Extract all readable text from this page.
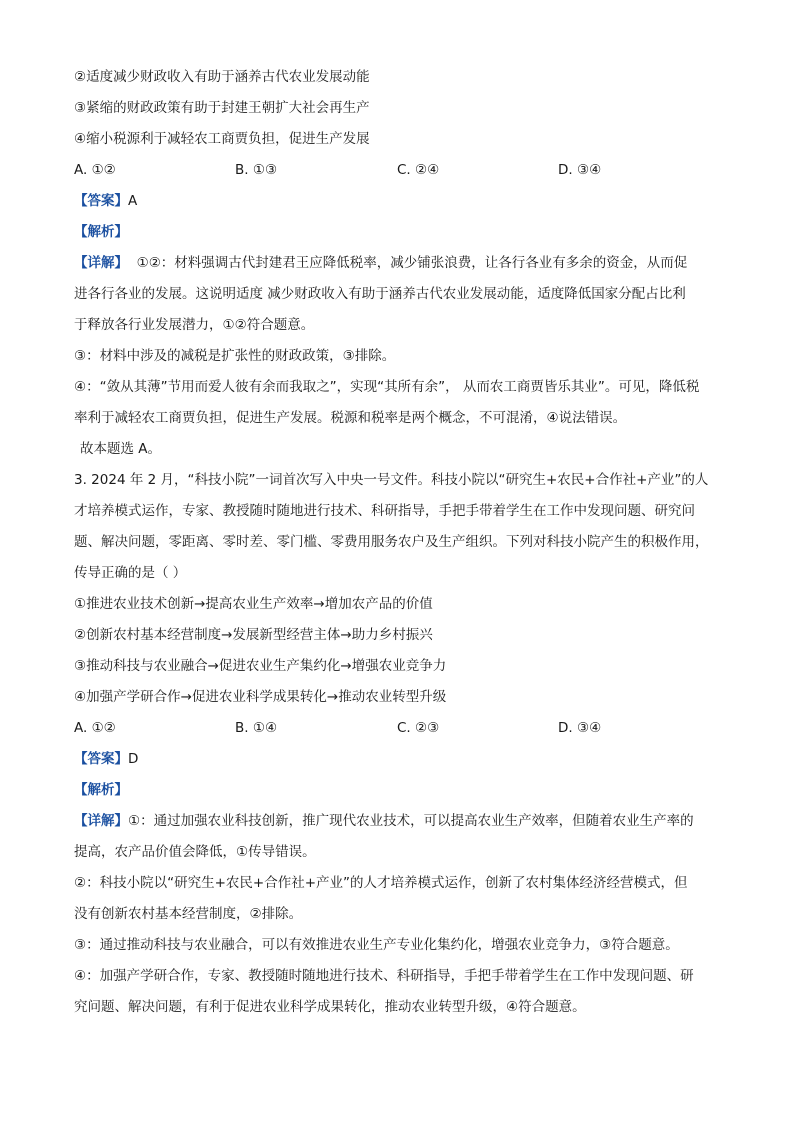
②适度减少财政收入有助于涵养古代农业发展动能
③紧缩的财政政策有助于封建王朝扩大社会再生产
④缩小税源利于减轻农工商贾负担，促进生产发展
A. ①②	B. ①③	C. ②④	D. ③④
【答案】A
【解析】
【详解】 ①②：材料强调古代封建君王应降低税率，减少铺张浪费，让各行各业有多余的资金，从而促
进各行各业的发展。这说明适度 减少财政收入有助于涵养古代农业发展动能，适度降低国家分配占比利
于释放各行业发展潜力，①②符合题意。
③：材料中涉及的减税是扩张性的财政政策，③排除。
④：“敛从其薄”节用而爱人彼有余而我取之”，实现“其所有余”， 从而农工商贾皆乐其业”。可见，降低税
率利于减轻农工商贾负担，促进生产发展。税源和税率是两个概念，不可混淆，④说法错误。
故本题选 A。
3. 2024 年 2 月，“科技小院”一词首次写入中央一号文件。科技小院以“研究生+农民+合作社+产业”的人
才培养模式运作，专家、教授随时随地进行技术、科研指导，手把手带着学生在工作中发现问题、研究问
题、解决问题，零距离、零时差、零门槛、零费用服务农户及生产组织。下列对科技小院产生的积极作用，
传导正确的是（ ）
①推进农业技术创新→提高农业生产效率→增加农产品的价值
②创新农村基本经营制度→发展新型经营主体→助力乡村振兴
③推动科技与农业融合→促进农业生产集约化→增强农业竞争力
④加强产学研合作→促进农业科学成果转化→推动农业转型升级
A. ①②	B. ①④	C. ②③	D. ③④
【答案】D
【解析】
【详解】①：通过加强农业科技创新，推广现代农业技术，可以提高农业生产效率，但随着农业生产率的
提高，农产品价值会降低，①传导错误。
②：科技小院以“研究生+农民+合作社+产业”的人才培养模式运作，创新了农村集体经济经营模式，但
没有创新农村基本经营制度，②排除。
③：通过推动科技与农业融合，可以有效推进农业生产专业化集约化，增强农业竞争力，③符合题意。
④：加强产学研合作，专家、教授随时随地进行技术、科研指导，手把手带着学生在工作中发现问题、研
究问题、解决问题，有利于促进农业科学成果转化，推动农业转型升级，④符合题意。
